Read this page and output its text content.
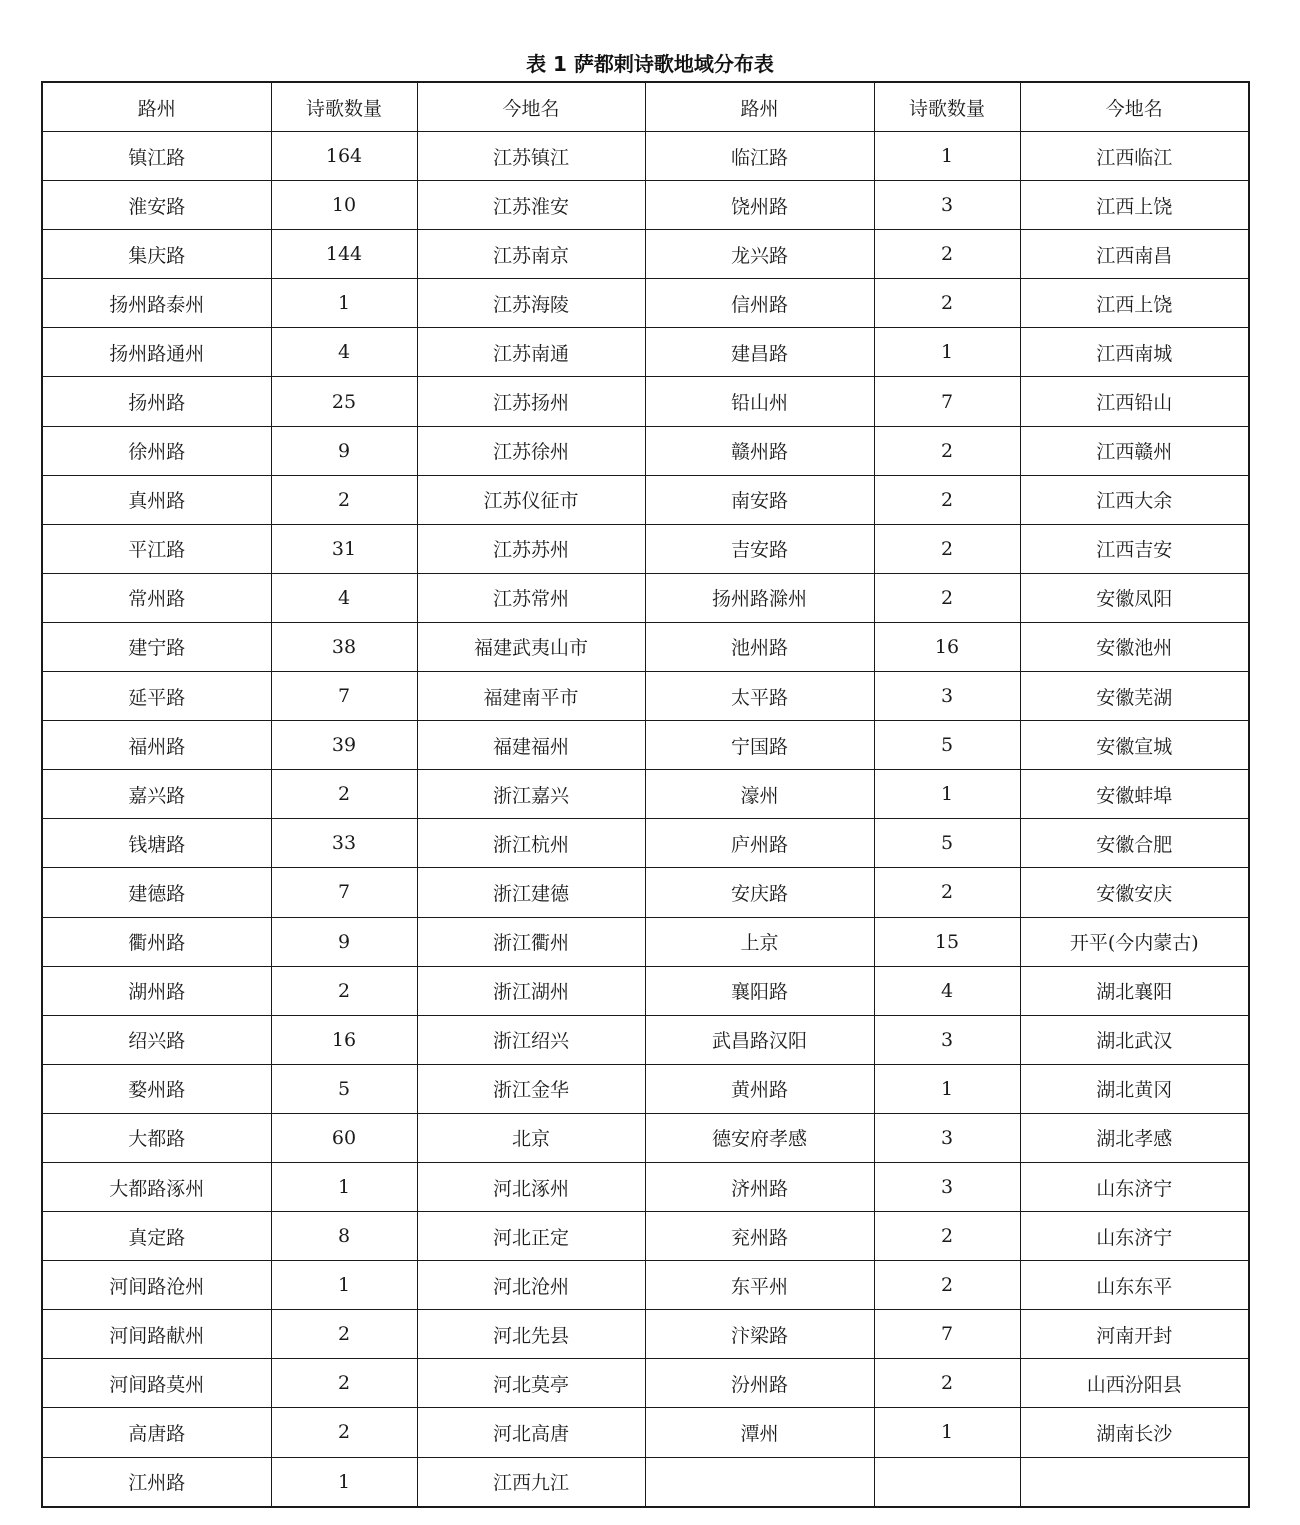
表 1 萨都剌诗歌地域分布表
路州	诗歌数量	今地名	路州	诗歌数量	今地名
镇江路	164	江苏镇江	临江路	1	江西临江
淮安路	10	江苏淮安	饶州路	3	江西上饶
集庆路	144	江苏南京	龙兴路	2	江西南昌
扬州路泰州	1	江苏海陵	信州路	2	江西上饶
扬州路通州	4	江苏南通	建昌路	1	江西南城
扬州路	25	江苏扬州	铅山州	7	江西铅山
徐州路	9	江苏徐州	赣州路	2	江西赣州
真州路	2	江苏仪征市	南安路	2	江西大余
平江路	31	江苏苏州	吉安路	2	江西吉安
常州路	4	江苏常州	扬州路滁州	2	安徽凤阳
建宁路	38	福建武夷山市	池州路	16	安徽池州
延平路	7	福建南平市	太平路	3	安徽芜湖
福州路	39	福建福州	宁国路	5	安徽宣城
嘉兴路	2	浙江嘉兴	濠州	1	安徽蚌埠
钱塘路	33	浙江杭州	庐州路	5	安徽合肥
建德路	7	浙江建德	安庆路	2	安徽安庆
衢州路	9	浙江衢州	上京	15	开平(今内蒙古)
湖州路	2	浙江湖州	襄阳路	4	湖北襄阳
绍兴路	16	浙江绍兴	武昌路汉阳	3	湖北武汉
婺州路	5	浙江金华	黄州路	1	湖北黄冈
大都路	60	北京	德安府孝感	3	湖北孝感
大都路涿州	1	河北涿州	济州路	3	山东济宁
真定路	8	河北正定	兖州路	2	山东济宁
河间路沧州	1	河北沧州	东平州	2	山东东平
河间路献州	2	河北先县	汴梁路	7	河南开封
河间路莫州	2	河北莫亭	汾州路	2	山西汾阳县
高唐路	2	河北高唐	潭州	1	湖南长沙
江州路	1	江西九江			
